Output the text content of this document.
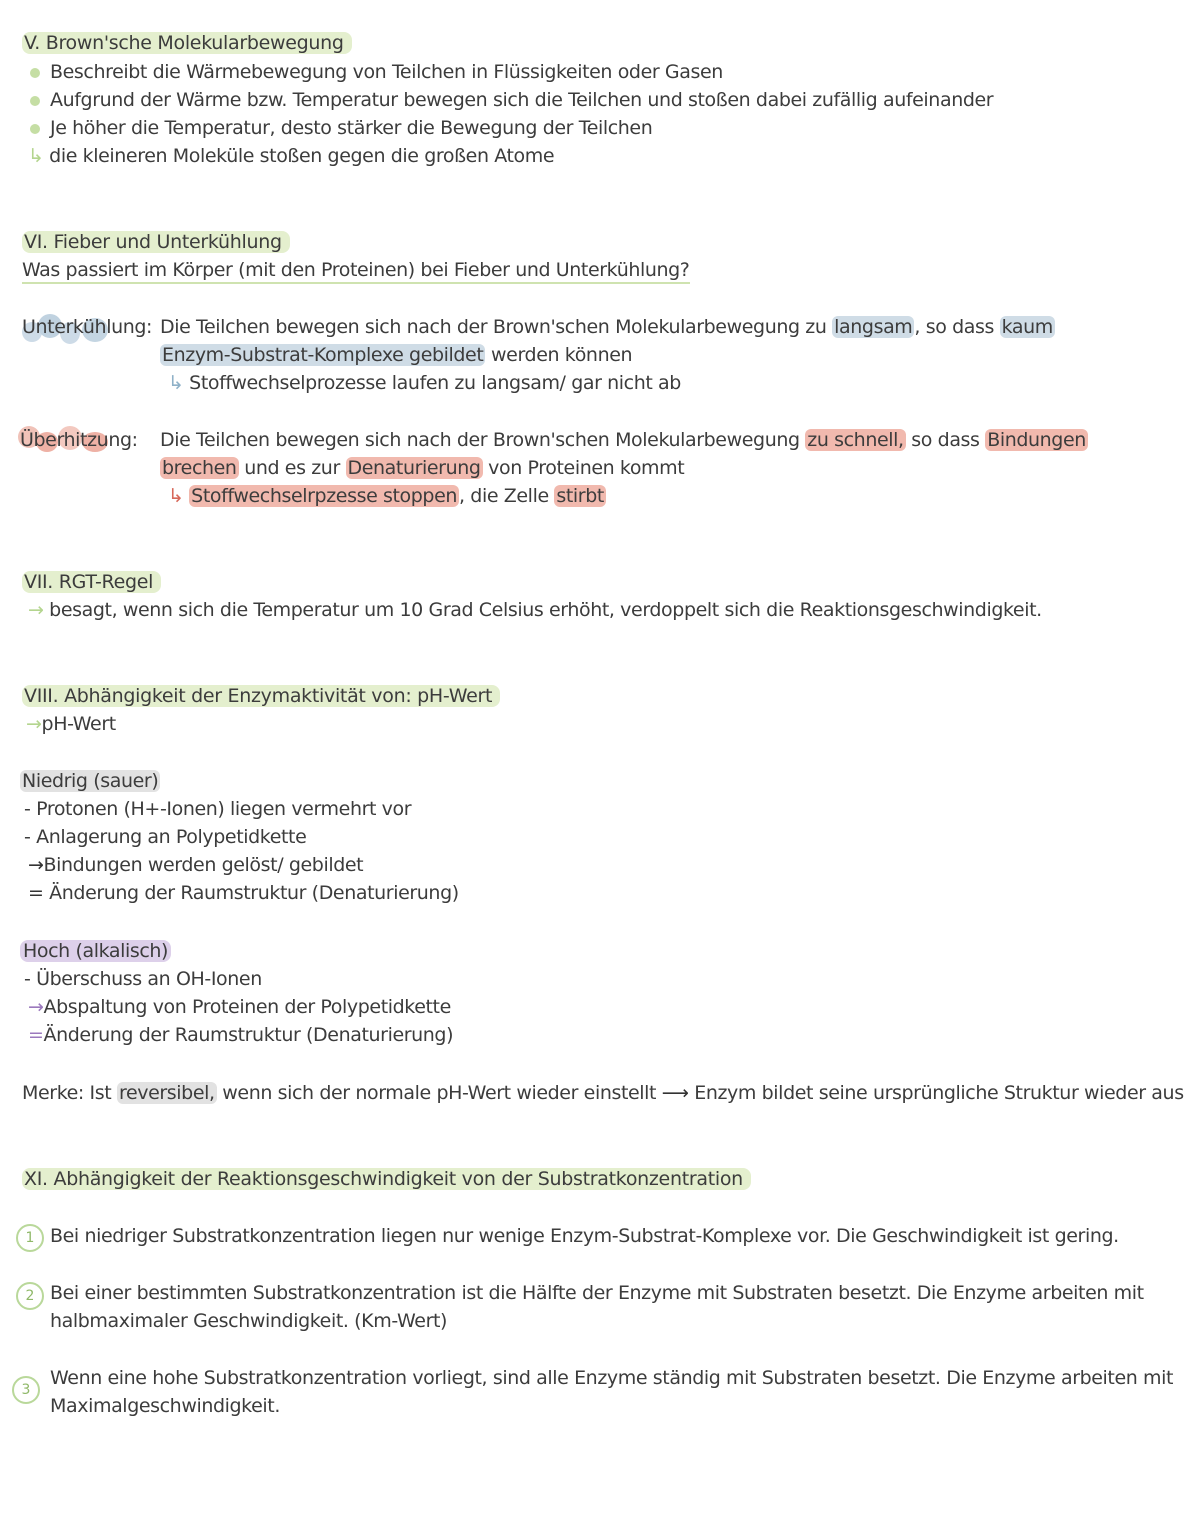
V. Brown'sche Molekularbewegung
Beschreibt die Wärmebewegung von Teilchen in Flüssigkeiten oder Gasen
Aufgrund der Wärme bzw. Temperatur bewegen sich die Teilchen und stoßen dabei zufällig aufeinander
Je höher die Temperatur, desto stärker die Bewegung der Teilchen
↳ die kleineren Moleküle stoßen gegen die großen Atome
VI. Fieber und Unterkühlung
Was passiert im Körper (mit den Proteinen) bei Fieber und Unterkühlung?
Unterkühlung: Die Teilchen bewegen sich nach der Brown'schen Molekularbewegung zu langsam , so dass kaum
Enzym-Substrat-Komplexe gebildet werden können
↳ Stoffwechselprozesse laufen zu langsam/ gar nicht ab
Überhitzung: Die Teilchen bewegen sich nach der Brown'schen Molekularbewegung zu schnell, so dass Bindungen
brechen und es zur Denaturierung von Proteinen kommt
↳ Stoffwechselrpzesse stoppen , die Zelle stirbt
VII. RGT-Regel
→ besagt, wenn sich die Temperatur um 10 Grad Celsius erhöht, verdoppelt sich die Reaktionsgeschwindigkeit.
VIII. Abhängigkeit der Enzymaktivität von: pH-Wert
→pH-Wert
Niedrig (sauer)
- Protonen (H+-Ionen) liegen vermehrt vor
- Anlagerung an Polypetidkette
→Bindungen werden gelöst/ gebildet
= Änderung der Raumstruktur (Denaturierung)
Hoch (alkalisch)
- Überschuss an OH-Ionen
→Abspaltung von Proteinen der Polypetidkette
=Änderung der Raumstruktur (Denaturierung)
Merke: Ist reversibel, wenn sich der normale pH-Wert wieder einstellt ⟶ Enzym bildet seine ursprüngliche Struktur wieder aus
XI. Abhängigkeit der Reaktionsgeschwindigkeit von der Substratkonzentration
1 Bei niedriger Substratkonzentration liegen nur wenige Enzym-Substrat-Komplexe vor. Die Geschwindigkeit ist gering.
2 Bei einer bestimmten Substratkonzentration ist die Hälfte der Enzyme mit Substraten besetzt. Die Enzyme arbeiten mit
halbmaximaler Geschwindigkeit. (Km-Wert)
3
Wenn eine hohe Substratkonzentration vorliegt, sind alle Enzyme ständig mit Substraten besetzt. Die Enzyme arbeiten mit
Maximalgeschwindigkeit.
